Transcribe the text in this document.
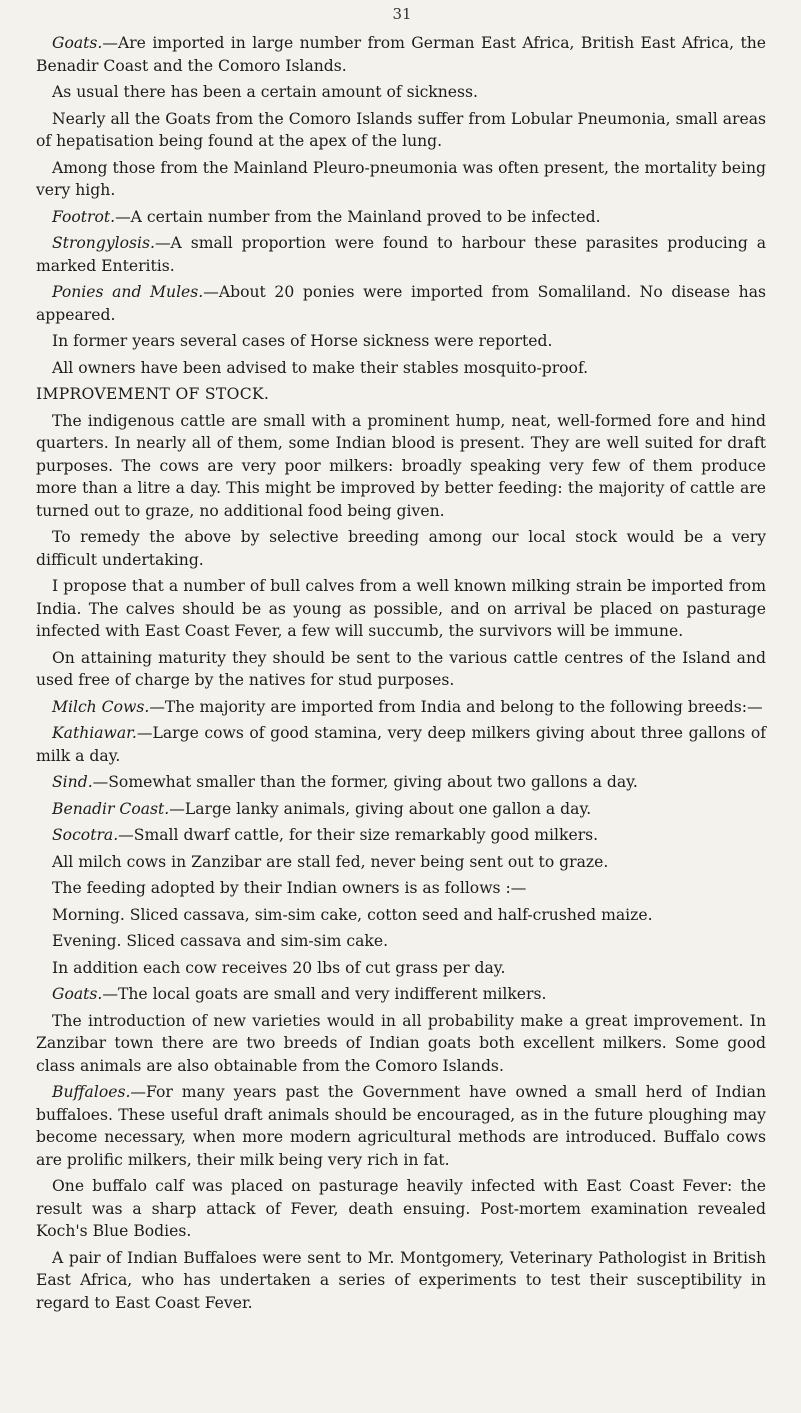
31

Goats.—Are imported in large number from German East Africa, British East Africa, the Benadir Coast and the Comoro Islands.

As usual there has been a certain amount of sickness.

Nearly all the Goats from the Comoro Islands suffer from Lobular Pneumonia, small areas of hepatisation being found at the apex of the lung.

Among those from the Mainland Pleuro-pneumonia was often present, the mortality being very high.

Footrot.—A certain number from the Mainland proved to be infected.

Strongylosis.—A small proportion were found to harbour these parasites producing a marked Enteritis.

Ponies and Mules.—About 20 ponies were imported from Somaliland. No disease has appeared.

In former years several cases of Horse sickness were reported.

All owners have been advised to make their stables mosquito-proof.

IMPROVEMENT OF STOCK.

The indigenous cattle are small with a prominent hump, neat, well-formed fore and hind quarters. In nearly all of them, some Indian blood is present. They are well suited for draft purposes. The cows are very poor milkers: broadly speaking very few of them produce more than a litre a day. This might be improved by better feeding: the majority of cattle are turned out to graze, no additional food being given.

To remedy the above by selective breeding among our local stock would be a very difficult undertaking.

I propose that a number of bull calves from a well known milking strain be imported from India. The calves should be as young as possible, and on arrival be placed on pasturage infected with East Coast Fever, a few will succumb, the survivors will be immune.

On attaining maturity they should be sent to the various cattle centres of the Island and used free of charge by the natives for stud purposes.

Milch Cows.—The majority are imported from India and belong to the following breeds:—

Kathiawar.—Large cows of good stamina, very deep milkers giving about three gallons of milk a day.

Sind.—Somewhat smaller than the former, giving about two gallons a day.

Benadir Coast.—Large lanky animals, giving about one gallon a day.

Socotra.—Small dwarf cattle, for their size remarkably good milkers.

All milch cows in Zanzibar are stall fed, never being sent out to graze.

The feeding adopted by their Indian owners is as follows :—

Morning. Sliced cassava, sim-sim cake, cotton seed and half-crushed maize.

Evening. Sliced cassava and sim-sim cake.

In addition each cow receives 20 lbs of cut grass per day.

Goats.—The local goats are small and very indifferent milkers.

The introduction of new varieties would in all probability make a great improvement. In Zanzibar town there are two breeds of Indian goats both excellent milkers. Some good class animals are also obtainable from the Comoro Islands.

Buffaloes.—For many years past the Government have owned a small herd of Indian buffaloes. These useful draft animals should be encouraged, as in the future ploughing may become necessary, when more modern agricultural methods are introduced. Buffalo cows are prolific milkers, their milk being very rich in fat.

One buffalo calf was placed on pasturage heavily infected with East Coast Fever: the result was a sharp attack of Fever, death ensuing. Post-mortem examination revealed Koch's Blue Bodies.

A pair of Indian Buffaloes were sent to Mr. Montgomery, Veterinary Pathologist in British East Africa, who has undertaken a series of experiments to test their susceptibility in regard to East Coast Fever.
